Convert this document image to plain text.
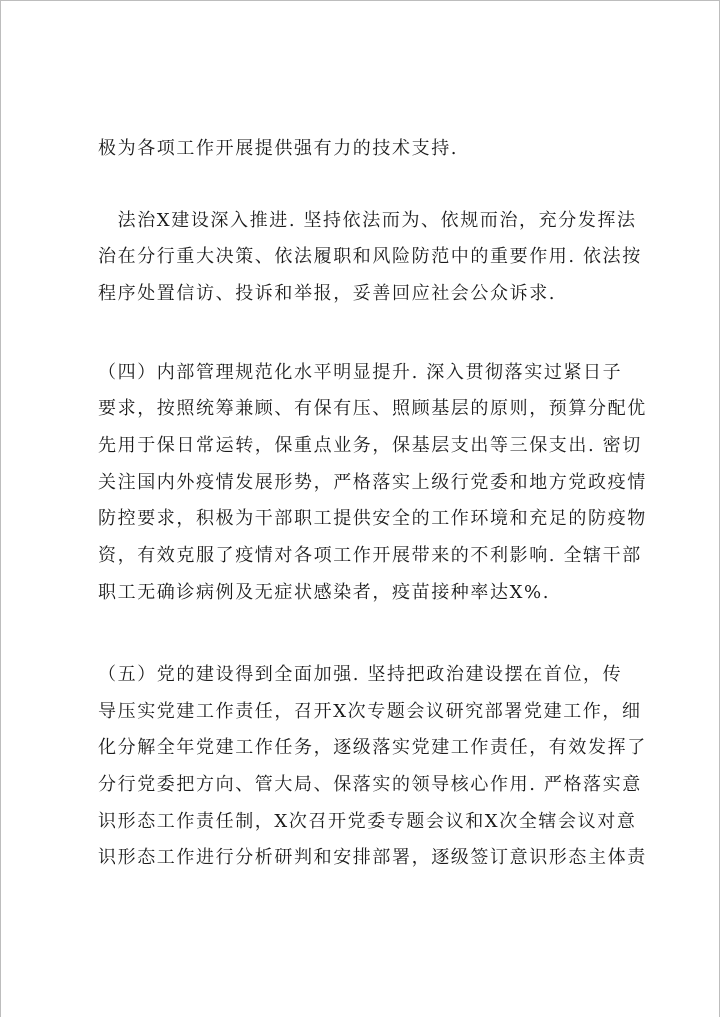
极为各项工作开展提供强有力的技术支持.
　法治X建设深入推进. 坚持依法而为、依规而治，充分发挥法
治在分行重大决策、依法履职和风险防范中的重要作用. 依法按
程序处置信访、投诉和举报，妥善回应社会公众诉求.
（四）内部管理规范化水平明显提升. 深入贯彻落实过紧日子
要求，按照统筹兼顾、有保有压、照顾基层的原则，预算分配优
先用于保日常运转，保重点业务，保基层支出等三保支出. 密切
关注国内外疫情发展形势，严格落实上级行党委和地方党政疫情
防控要求，积极为干部职工提供安全的工作环境和充足的防疫物
资，有效克服了疫情对各项工作开展带来的不利影响. 全辖干部
职工无确诊病例及无症状感染者，疫苗接种率达X%.
（五）党的建设得到全面加强. 坚持把政治建设摆在首位，传
导压实党建工作责任，召开X次专题会议研究部署党建工作，细
化分解全年党建工作任务，逐级落实党建工作责任，有效发挥了
分行党委把方向、管大局、保落实的领导核心作用. 严格落实意
识形态工作责任制，X次召开党委专题会议和X次全辖会议对意
识形态工作进行分析研判和安排部署，逐级签订意识形态主体责
